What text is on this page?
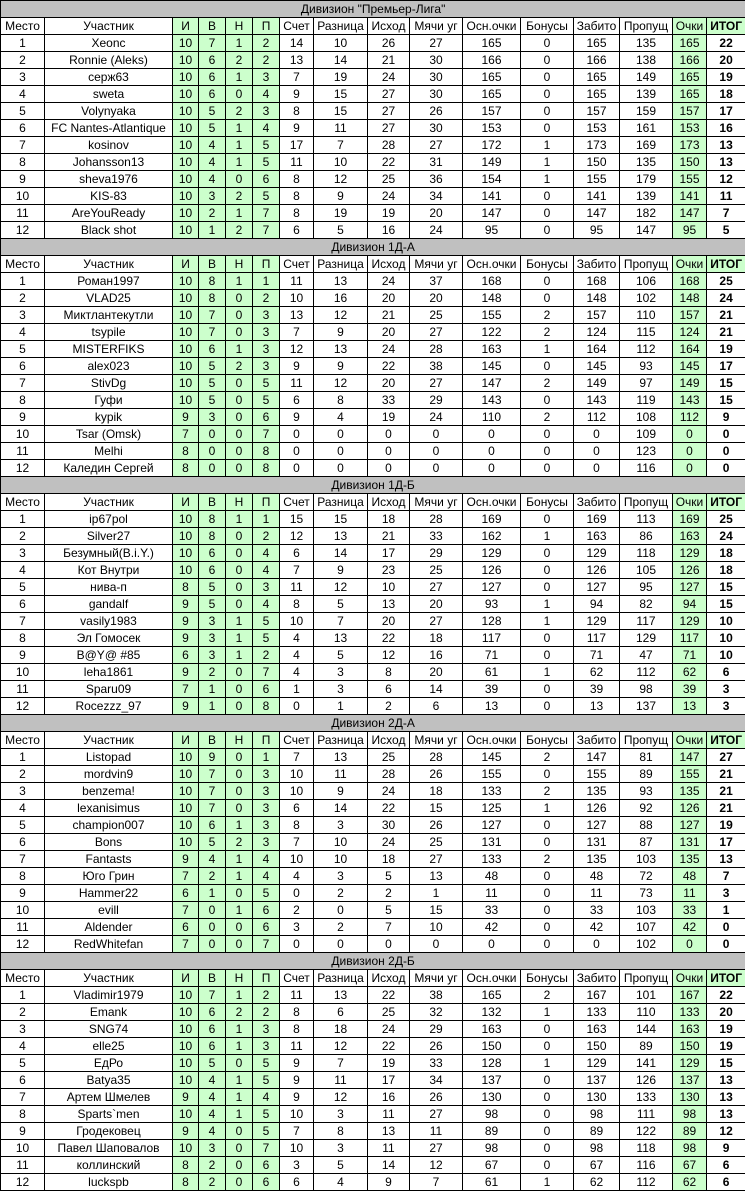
Дивизион "Премьер-Лига"															
Место	Участник	И	В	Н	П	Счет	Разница	Исход	Мячи уг	Осн.очки	Бонусы	Забито	Пропущ	Очки	ИТОГ
1	Xeonc	10	7	1	2	14	10	26	27	165	0	165	135	165	22
2	Ronnie (Aleks)	10	6	2	2	13	14	21	30	166	0	166	138	166	20
3	серж63	10	6	1	3	7	19	24	30	165	0	165	149	165	19
4	sweta	10	6	0	4	9	15	27	30	165	0	165	139	165	18
5	Volynyaka	10	5	2	3	8	15	27	26	157	0	157	159	157	17
6	FC Nantes-Atlantique	10	5	1	4	9	11	27	30	153	0	153	161	153	16
7	kosinov	10	4	1	5	17	7	28	27	172	1	173	169	173	13
8	Johansson13	10	4	1	5	11	10	22	31	149	1	150	135	150	13
9	sheva1976	10	4	0	6	8	12	25	36	154	1	155	179	155	12
10	KIS-83	10	3	2	5	8	9	24	34	141	0	141	139	141	11
11	AreYouReady	10	2	1	7	8	19	19	20	147	0	147	182	147	7
12	Black shot	10	1	2	7	6	5	16	24	95	0	95	147	95	5
Дивизион 1Д-А															
Место	Участник	И	В	Н	П	Счет	Разница	Исход	Мячи уг	Осн.очки	Бонусы	Забито	Пропущ	Очки	ИТОГ
1	Роман1997	10	8	1	1	11	13	24	37	168	0	168	106	168	25
2	VLAD25	10	8	0	2	10	16	20	20	148	0	148	102	148	24
3	Миктлантекутли	10	7	0	3	13	12	21	25	155	2	157	110	157	21
4	tsypile	10	7	0	3	7	9	20	27	122	2	124	115	124	21
5	MISTERFIKS	10	6	1	3	12	13	24	28	163	1	164	112	164	19
6	alex023	10	5	2	3	9	9	22	38	145	0	145	93	145	17
7	StivDg	10	5	0	5	11	12	20	27	147	2	149	97	149	15
8	Гуфи	10	5	0	5	6	8	33	29	143	0	143	119	143	15
9	kypik	9	3	0	6	9	4	19	24	110	2	112	108	112	9
10	Tsar (Omsk)	7	0	0	7	0	0	0	0	0	0	0	109	0	0
11	Melhi	8	0	0	8	0	0	0	0	0	0	0	123	0	0
12	Каледин Сергей	8	0	0	8	0	0	0	0	0	0	0	116	0	0
Дивизион 1Д-Б															
Место	Участник	И	В	Н	П	Счет	Разница	Исход	Мячи уг	Осн.очки	Бонусы	Забито	Пропущ	Очки	ИТОГ
1	ip67pol	10	8	1	1	15	15	18	28	169	0	169	113	169	25
2	Silver27	10	8	0	2	12	13	21	33	162	1	163	86	163	24
3	Безумный(B.i.Y.)	10	6	0	4	6	14	17	29	129	0	129	118	129	18
4	Кот Внутри	10	6	0	4	7	9	23	25	126	0	126	105	126	18
5	нива-п	8	5	0	3	11	12	10	27	127	0	127	95	127	15
6	gandalf	9	5	0	4	8	5	13	20	93	1	94	82	94	15
7	vasily1983	9	3	1	5	10	7	20	27	128	1	129	117	129	10
8	Эл Гомосек	9	3	1	5	4	13	22	18	117	0	117	129	117	10
9	B@Y@ #85	6	3	1	2	4	5	12	16	71	0	71	47	71	10
10	leha1861	9	2	0	7	4	3	8	20	61	1	62	112	62	6
11	Sparu09	7	1	0	6	1	3	6	14	39	0	39	98	39	3
12	Rocezzz_97	9	1	0	8	0	1	2	6	13	0	13	137	13	3
Дивизион 2Д-А															
Место	Участник	И	В	Н	П	Счет	Разница	Исход	Мячи уг	Осн.очки	Бонусы	Забито	Пропущ	Очки	ИТОГ
1	Listopad	10	9	0	1	7	13	25	28	145	2	147	81	147	27
2	mordvin9	10	7	0	3	10	11	28	26	155	0	155	89	155	21
3	benzema!	10	7	0	3	10	9	24	18	133	2	135	93	135	21
4	lexanisimus	10	7	0	3	6	14	22	15	125	1	126	92	126	21
5	champion007	10	6	1	3	8	3	30	26	127	0	127	88	127	19
6	Bons	10	5	2	3	7	10	24	25	131	0	131	87	131	17
7	Fantasts	9	4	1	4	10	10	18	27	133	2	135	103	135	13
8	Юго Грин	7	2	1	4	4	3	5	13	48	0	48	72	48	7
9	Hammer22	6	1	0	5	0	2	2	1	11	0	11	73	11	3
10	evill	7	0	1	6	2	0	5	15	33	0	33	103	33	1
11	Aldender	6	0	0	6	3	2	7	10	42	0	42	107	42	0
12	RedWhitefan	7	0	0	7	0	0	0	0	0	0	0	102	0	0
Дивизион 2Д-Б															
Место	Участник	И	В	Н	П	Счет	Разница	Исход	Мячи уг	Осн.очки	Бонусы	Забито	Пропущ	Очки	ИТОГ
1	Vladimir1979	10	7	1	2	11	13	22	38	165	2	167	101	167	22
2	Emank	10	6	2	2	8	6	25	32	132	1	133	110	133	20
3	SNG74	10	6	1	3	8	18	24	29	163	0	163	144	163	19
4	elle25	10	6	1	3	11	12	22	26	150	0	150	89	150	19
5	ЕдРо	10	5	0	5	9	7	19	33	128	1	129	141	129	15
6	Batya35	10	4	1	5	9	11	17	34	137	0	137	126	137	13
7	Артем Шмелев	9	4	1	4	9	12	16	26	130	0	130	133	130	13
8	Sparts`men	10	4	1	5	10	3	11	27	98	0	98	111	98	13
9	Гродековец	9	4	0	5	7	8	13	11	89	0	89	122	89	12
10	Павел Шаповалов	10	3	0	7	10	3	11	27	98	0	98	118	98	9
11	коллинский	8	2	0	6	3	5	14	12	67	0	67	116	67	6
12	luckspb	8	2	0	6	6	4	9	7	61	1	62	112	62	6
